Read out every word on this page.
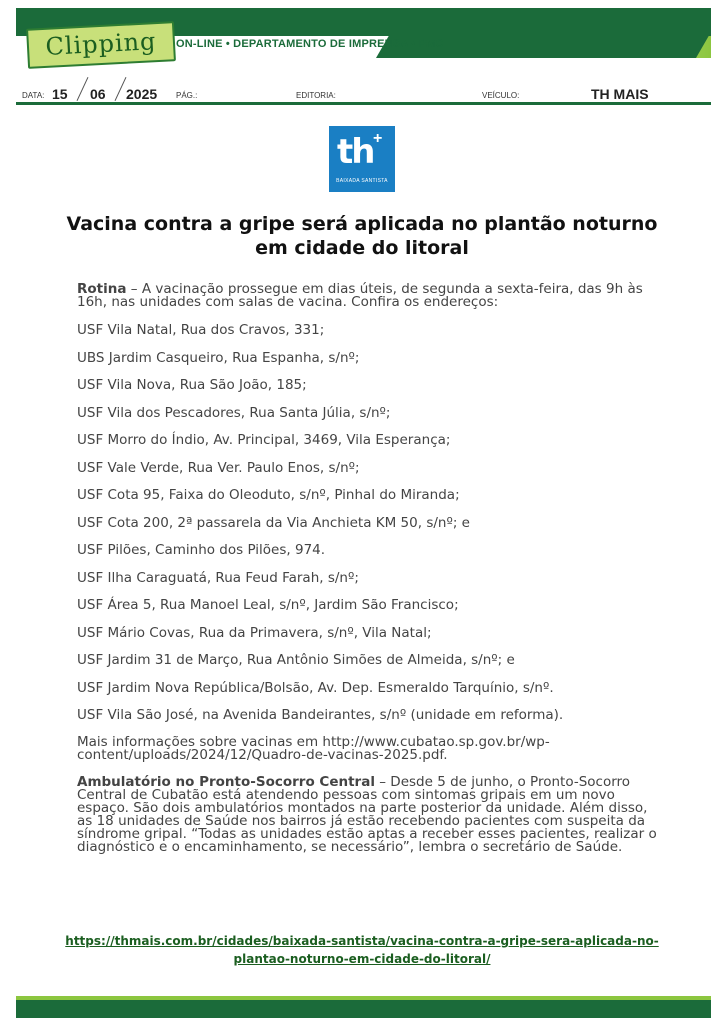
Clipping	ON-LINE • DEPARTAMENTO DE IMPRENSA • PMC
DATA: 15 06 2025 PÁG.:	EDITORIA:	VEÍCULO:	TH MAIS
th +
BAIXADA SANTISTA
Vacina contra a gripe será aplicada no plantão noturno em cidade do litoral

Rotina – A vacinação prossegue em dias úteis, de segunda a sexta-feira, das 9h às 16h, nas unidades com salas de vacina. Confira os endereços:

USF Vila Natal, Rua dos Cravos, 331;

UBS Jardim Casqueiro, Rua Espanha, s/nº;

USF Vila Nova, Rua São João, 185;

USF Vila dos Pescadores, Rua Santa Júlia, s/nº;

USF Morro do Índio, Av. Principal, 3469, Vila Esperança;

USF Vale Verde, Rua Ver. Paulo Enos, s/nº;

USF Cota 95, Faixa do Oleoduto, s/nº, Pinhal do Miranda;

USF Cota 200, 2ª passarela da Via Anchieta KM 50, s/nº; e

USF Pilões, Caminho dos Pilões, 974.

USF Ilha Caraguatá, Rua Feud Farah, s/nº;

USF Área 5, Rua Manoel Leal, s/nº, Jardim São Francisco;

USF Mário Covas, Rua da Primavera, s/nº, Vila Natal;

USF Jardim 31 de Março, Rua Antônio Simões de Almeida, s/nº; e

USF Jardim Nova República/Bolsão, Av. Dep. Esmeraldo Tarquínio, s/nº.

USF Vila São José, na Avenida Bandeirantes, s/nº (unidade em reforma).

Mais informações sobre vacinas em http://www.cubatao.sp.gov.br/wp-content/uploads/2024/12/Quadro-de-vacinas-2025.pdf.

Ambulatório no Pronto-Socorro Central – Desde 5 de junho, o Pronto-Socorro Central de Cubatão está atendendo pessoas com sintomas gripais em um novo espaço. São dois ambulatórios montados na parte posterior da unidade. Além disso, as 18 unidades de Saúde nos bairros já estão recebendo pacientes com suspeita da síndrome gripal. “Todas as unidades estão aptas a receber esses pacientes, realizar o diagnóstico e o encaminhamento, se necessário”, lembra o secretário de Saúde.

https://thmais.com.br/cidades/baixada-santista/vacina-contra-a-gripe-sera-aplicada-no-plantao-noturno-em-cidade-do-litoral/
